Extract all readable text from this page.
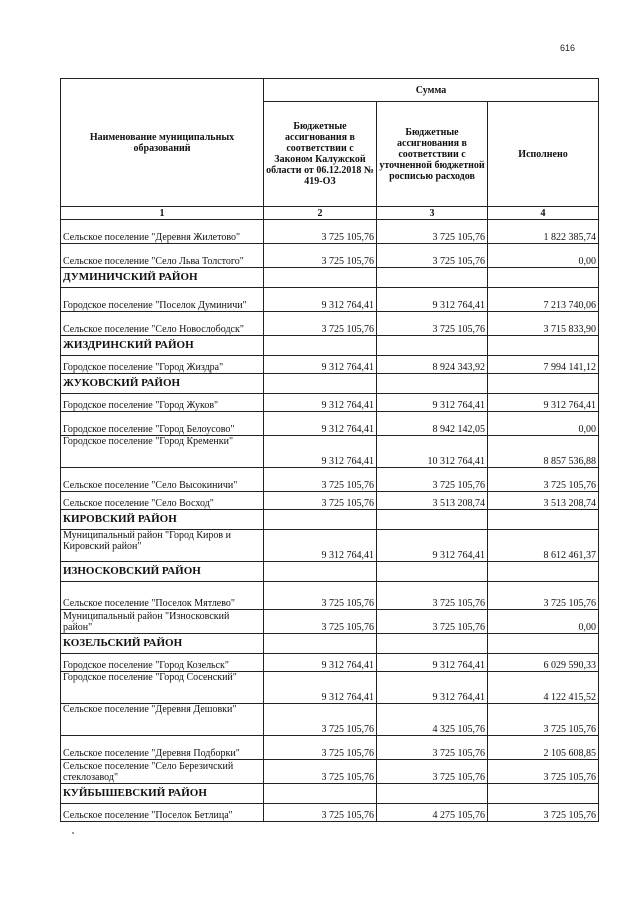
616
Наименование муниципальных образований	Сумма		
	Бюджетные ассигнования в соответствии с Законом Калужской области от 06.12.2018 № 419-ОЗ	Бюджетные ассигнования в соответствии с уточненной бюджетной росписью расходов	Исполнено
1	2	3	4
Сельское поселение "Деревня Жилетово"	3 725 105,76	3 725 105,76	1 822 385,74
Сельское поселение "Село Льва Толстого"	3 725 105,76	3 725 105,76	0,00
ДУМИНИЧСКИЙ РАЙОН			
Городское поселение "Поселок Думиничи"	9 312 764,41	9 312 764,41	7 213 740,06
Сельское поселение "Село Новослободск"	3 725 105,76	3 725 105,76	3 715 833,90
ЖИЗДРИНСКИЙ РАЙОН			
Городское поселение "Город Жиздра"	9 312 764,41	8 924 343,92	7 994 141,12
ЖУКОВСКИЙ РАЙОН			
Городское поселение "Город Жуков"	9 312 764,41	9 312 764,41	9 312 764,41
Городское поселение "Город Белоусово"	9 312 764,41	8 942 142,05	0,00
Городское поселение "Город Кременки"	9 312 764,41	10 312 764,41	8 857 536,88
Сельское поселение "Село Высокиничи"	3 725 105,76	3 725 105,76	3 725 105,76
Сельское поселение "Село Восход"	3 725 105,76	3 513 208,74	3 513 208,74
КИРОВСКИЙ РАЙОН			
Муниципальный район "Город Киров и Кировский район"	9 312 764,41	9 312 764,41	8 612 461,37
ИЗНОСКОВСКИЙ РАЙОН			
Сельское поселение "Поселок Мятлево"	3 725 105,76	3 725 105,76	3 725 105,76
Муниципальный район "Износковский район"	3 725 105,76	3 725 105,76	0,00
КОЗЕЛЬСКИЙ РАЙОН			
Городское поселение "Город Козельск"	9 312 764,41	9 312 764,41	6 029 590,33
Городское поселение "Город Сосенский"	9 312 764,41	9 312 764,41	4 122 415,52
Сельское поселение "Деревня Дешовки"	3 725 105,76	4 325 105,76	3 725 105,76
Сельское поселение "Деревня Подборки"	3 725 105,76	3 725 105,76	2 105 608,85
Сельское поселение "Село Березичский стеклозавод"	3 725 105,76	3 725 105,76	3 725 105,76
КУЙБЫШЕВСКИЙ РАЙОН			
Сельское поселение "Поселок Бетлица"	3 725 105,76	4 275 105,76	3 725 105,76
